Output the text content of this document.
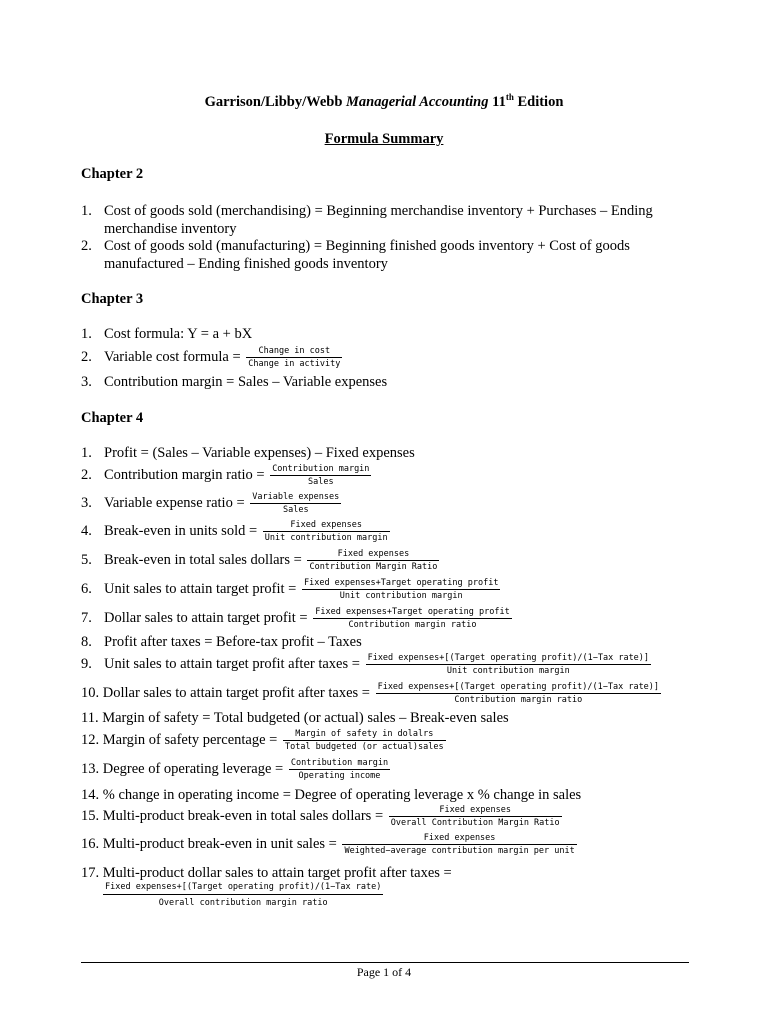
Garrison/Libby/Webb Managerial Accounting 11th Edition
Formula Summary
Chapter 2
1. Cost of goods sold (merchandising) = Beginning merchandise inventory + Purchases – Ending
merchandise inventory
2. Cost of goods sold (manufacturing) = Beginning finished goods inventory + Cost of goods
manufactured – Ending finished goods inventory
Chapter 3
1. Cost formula: Y = a + bX
2. Variable cost formula = $\frac{\text{Change in cost}}{\text{Change in activity}}$
3. Contribution margin = Sales – Variable expenses
Chapter 4
1. Profit = (Sales – Variable expenses) – Fixed expenses
2. Contribution margin ratio = $\frac{\text{Contribution margin}}{\text{Sales}}$
3. Variable expense ratio = $\frac{\text{Variable expenses}}{\text{Sales}}$
4. Break-even in units sold = $\frac{\text{Fixed expenses}}{\text{Unit contribution margin}}$
5. Break-even in total sales dollars = $\frac{\text{Fixed expenses}}{\text{Contribution Margin Ratio}}$
6. Unit sales to attain target profit = $\frac{\text{Fixed expenses+Target operating profit}}{\text{Unit contribution margin}}$
7. Dollar sales to attain target profit = $\frac{\text{Fixed expenses+Target operating profit}}{\text{Contribution margin ratio}}$
8. Profit after taxes = Before-tax profit – Taxes
9. Unit sales to attain target profit after taxes = $\frac{\text{Fixed expenses+[(Target operating profit)/(1−Tax rate)]}}{\text{Unit contribution margin}}$
10. Dollar sales to attain target profit after taxes = $\frac{\text{Fixed expenses+[(Target operating profit)/(1−Tax rate)]}}{\text{Contribution margin ratio}}$
11. Margin of safety = Total budgeted (or actual) sales – Break-even sales
12. Margin of safety percentage = $\frac{\text{Margin of safety in dolalrs}}{\text{Total budgeted (or actual)sales}}$
13. Degree of operating leverage = $\frac{\text{Contribution margin}}{\text{Operating income}}$
14. % change in operating income = Degree of operating leverage x % change in sales
15. Multi-product break-even in total sales dollars = $\frac{\text{Fixed expenses}}{\text{Overall Contribution Margin Ratio}}$
16. Multi-product break-even in unit sales = $\frac{\text{Fixed expenses}}{\text{Weighted−average contribution margin per unit}}$
17. Multi-product dollar sales to attain target profit after taxes =
Fixed expenses+[(Target operating profit)/(1−Tax rate)
Overall contribution margin ratio
Page 1 of 4
